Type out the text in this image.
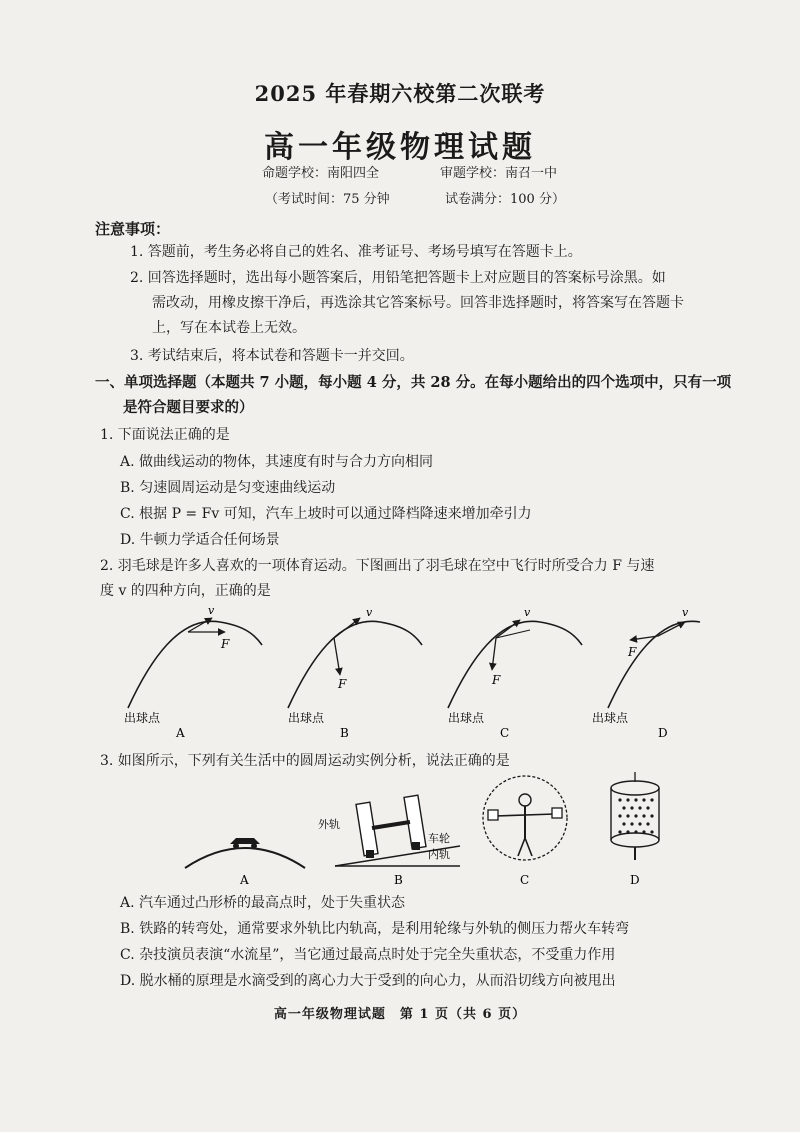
2025 年春期六校第二次联考
高一年级物理试题
命题学校：南阳四全	审题学校：南召一中
（考试时间：75 分钟	试卷满分：100 分）
注意事项：
1. 答题前，考生务必将自己的姓名、准考证号、考场号填写在答题卡上。
2. 回答选择题时，选出每小题答案后，用铅笔把答题卡上对应题目的答案标号涂黑。如
需改动，用橡皮擦干净后，再选涂其它答案标号。回答非选择题时，将答案写在答题卡
上，写在本试卷上无效。
3. 考试结束后，将本试卷和答题卡一并交回。
一、单项选择题（本题共 7 小题，每小题 4 分，共 28 分。在每小题给出的四个选项中，只有一项
是符合题目要求的）
1. 下面说法正确的是
A. 做曲线运动的物体，其速度有时与合力方向相同
B. 匀速圆周运动是匀变速曲线运动
C. 根据 P = Fv 可知，汽车上坡时可以通过降档降速来增加牵引力
D. 牛顿力学适合任何场景
2. 羽毛球是许多人喜欢的一项体育运动。下图画出了羽毛球在空中飞行时所受合力 F 与速
度 v 的四种方向，正确的是
v
F
出球点
A
v
F
出球点
B
v
F
出球点
C
v
F
出球点
D
3. 如图所示，下列有关生活中的圆周运动实例分析，说法正确的是
A
外轨
车轮
内轨
B	C	D
A. 汽车通过凸形桥的最高点时，处于失重状态
B. 铁路的转弯处，通常要求外轨比内轨高，是利用轮缘与外轨的侧压力帮火车转弯
C. 杂技演员表演“水流星”，当它通过最高点时处于完全失重状态，不受重力作用
D. 脱水桶的原理是水滴受到的离心力大于受到的向心力，从而沿切线方向被甩出
高一年级物理试题　第 1 页（共 6 页）
